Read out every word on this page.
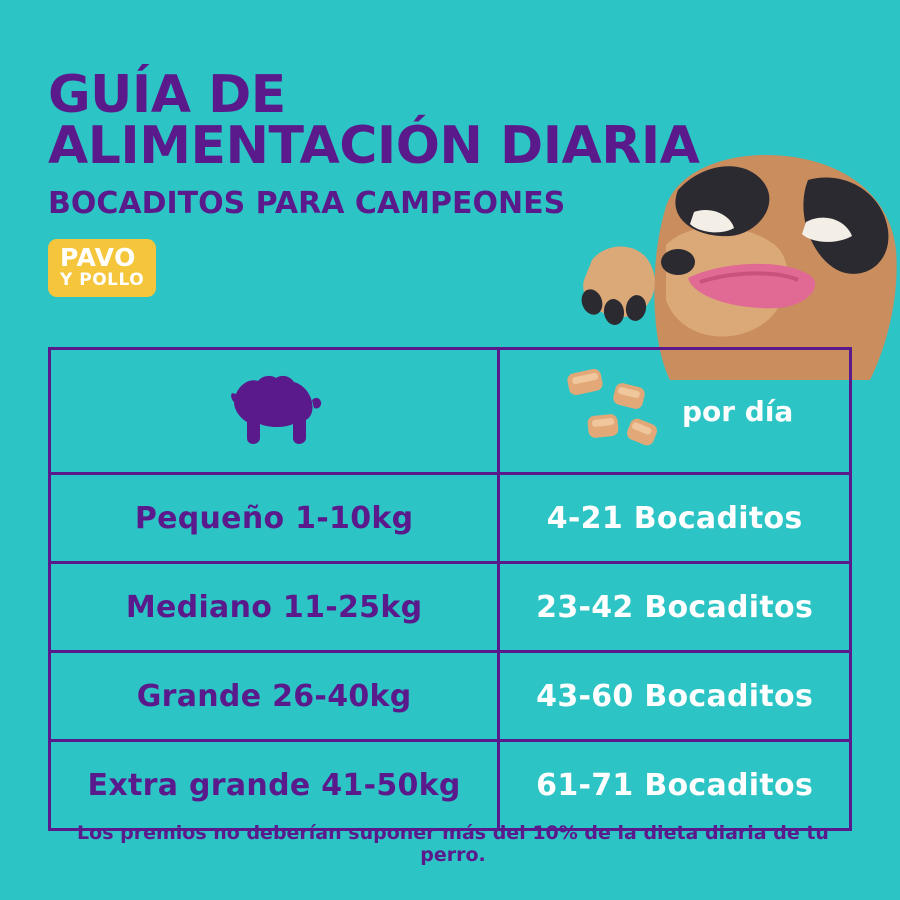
GUÍA DE ALIMENTACIÓN DIARIA
BOCADITOS PARA CAMPEONES
PAVO
Y POLLO

por día

Pequeño 1-10kg	4-21 Bocaditos
Mediano 11-25kg	23-42 Bocaditos
Grande 26-40kg	43-60 Bocaditos
Extra grande 41-50kg	61-71 Bocaditos
Los premios no deberían suponer más del 10% de la dieta diaria de tu perro.
